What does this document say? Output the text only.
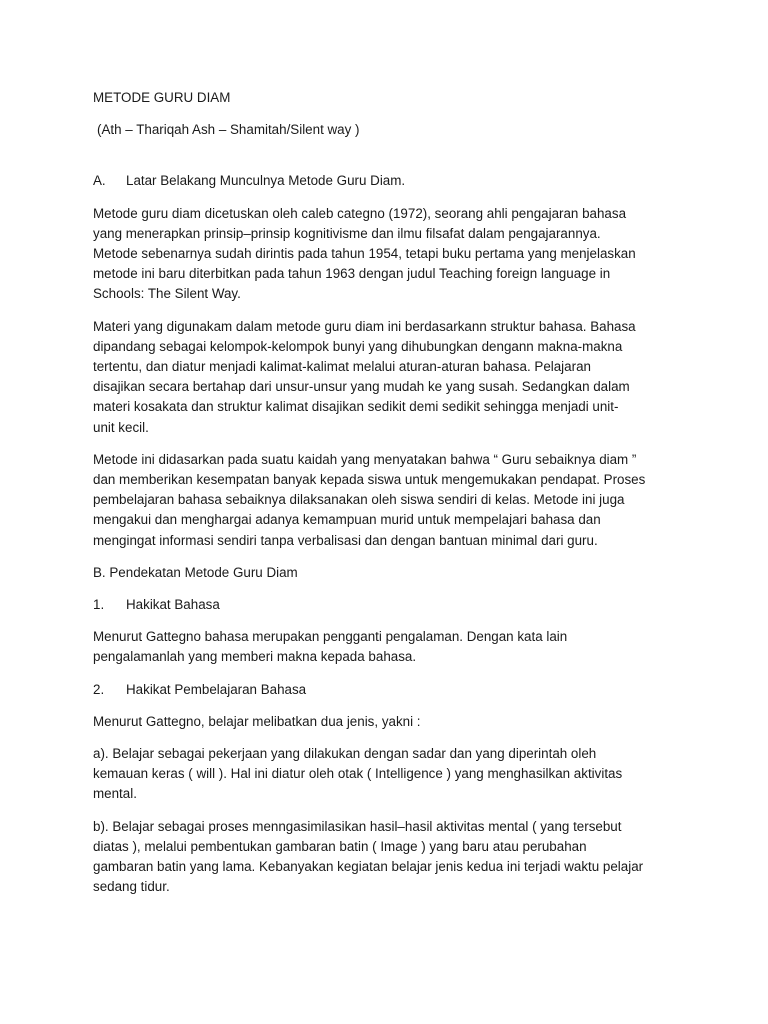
METODE GURU DIAM

(Ath – Thariqah Ash – Shamitah/Silent way )

A. Latar Belakang Munculnya Metode Guru Diam.

Metode guru diam dicetuskan oleh caleb categno (1972), seorang ahli pengajaran bahasa
yang menerapkan prinsip–prinsip kognitivisme dan ilmu filsafat dalam pengajarannya.
Metode sebenarnya sudah dirintis pada tahun 1954, tetapi buku pertama yang menjelaskan
metode ini baru diterbitkan pada tahun 1963 dengan judul Teaching foreign language in
Schools: The Silent Way.

Materi yang digunakam dalam metode guru diam ini berdasarkann struktur bahasa. Bahasa
dipandang sebagai kelompok-kelompok bunyi yang dihubungkan dengann makna-makna
tertentu, dan diatur menjadi kalimat-kalimat melalui aturan-aturan bahasa. Pelajaran
disajikan secara bertahap dari unsur-unsur yang mudah ke yang susah. Sedangkan dalam
materi kosakata dan struktur kalimat disajikan sedikit demi sedikit sehingga menjadi unit-
unit kecil.

Metode ini didasarkan pada suatu kaidah yang menyatakan bahwa “ Guru sebaiknya diam ”
dan memberikan kesempatan banyak kepada siswa untuk mengemukakan pendapat. Proses
pembelajaran bahasa sebaiknya dilaksanakan oleh siswa sendiri di kelas. Metode ini juga
mengakui dan menghargai adanya kemampuan murid untuk mempelajari bahasa dan
mengingat informasi sendiri tanpa verbalisasi dan dengan bantuan minimal dari guru.

B. Pendekatan Metode Guru Diam

1. Hakikat Bahasa

Menurut Gattegno bahasa merupakan pengganti pengalaman. Dengan kata lain
pengalamanlah yang memberi makna kepada bahasa.

2. Hakikat Pembelajaran Bahasa

Menurut Gattegno, belajar melibatkan dua jenis, yakni :

a). Belajar sebagai pekerjaan yang dilakukan dengan sadar dan yang diperintah oleh
kemauan keras ( will ). Hal ini diatur oleh otak ( Intelligence ) yang menghasilkan aktivitas
mental.

b). Belajar sebagai proses menngasimilasikan hasil–hasil aktivitas mental ( yang tersebut
diatas ), melalui pembentukan gambaran batin ( Image ) yang baru atau perubahan
gambaran batin yang lama. Kebanyakan kegiatan belajar jenis kedua ini terjadi waktu pelajar
sedang tidur.
